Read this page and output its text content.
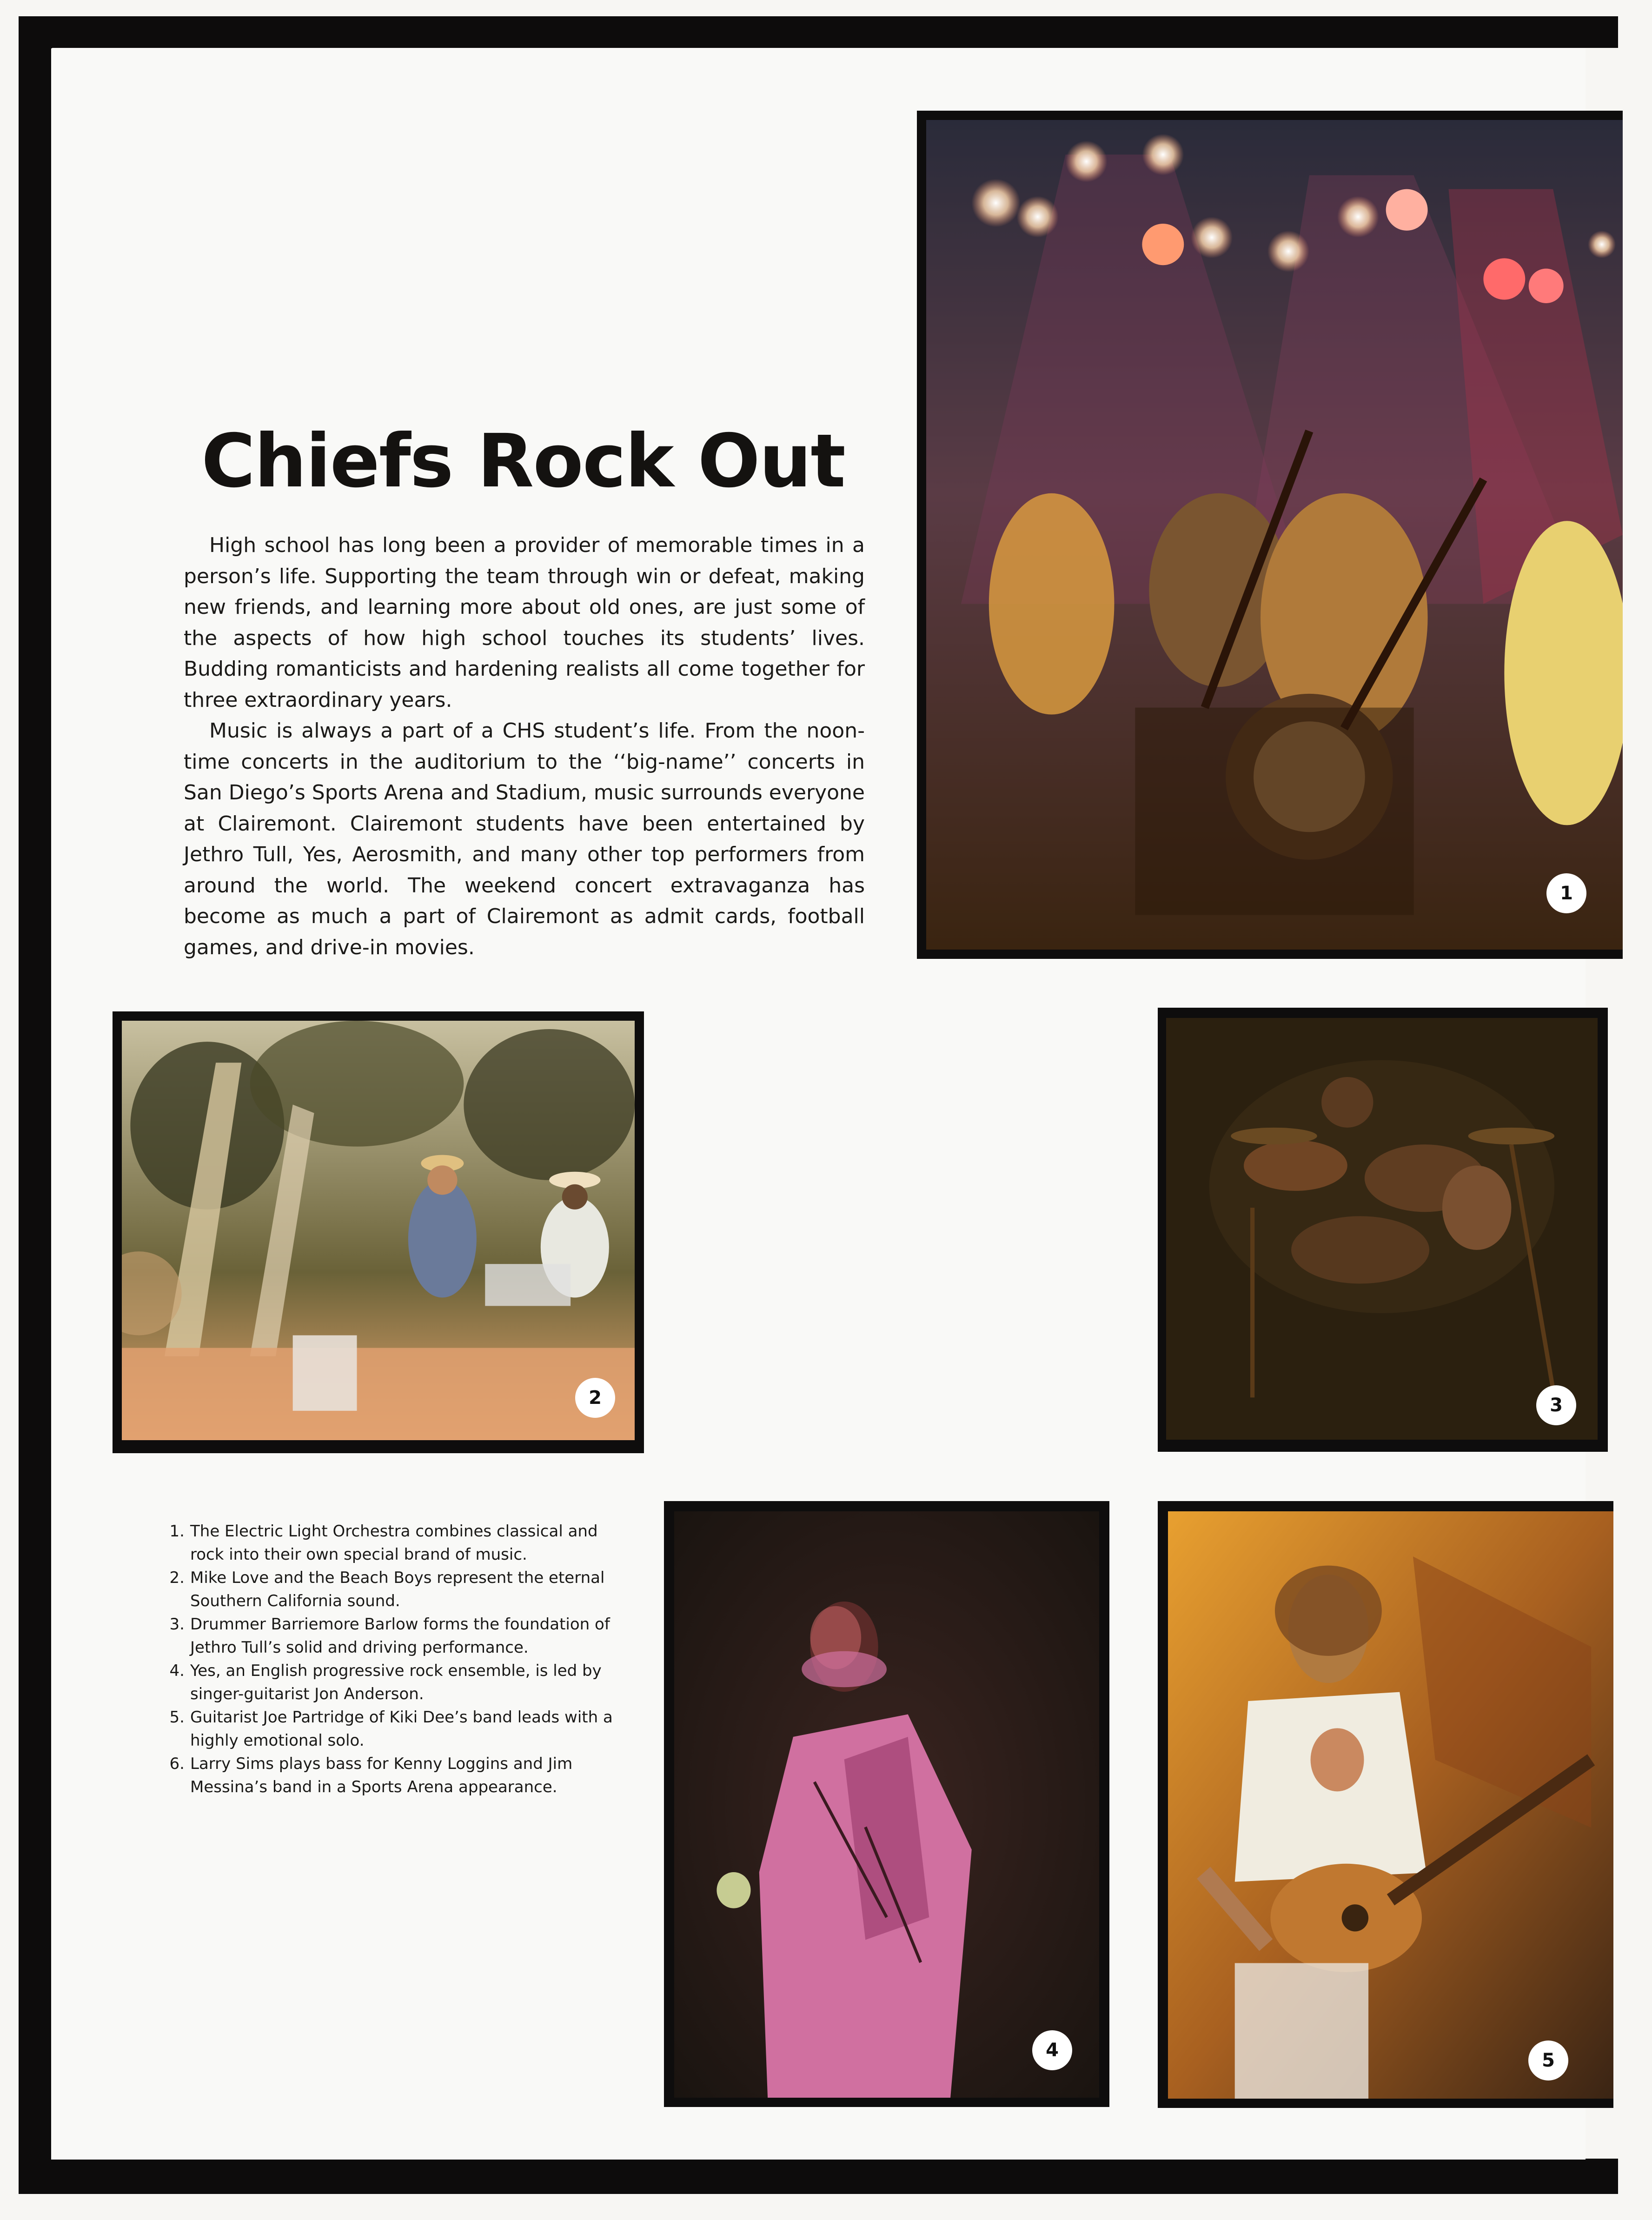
Chiefs Rock Out

High school has long been a provider of memorable times in a person’s life. Supporting the team through win or defeat, making new friends, and learning more about old ones, are just some of the aspects of how high school touches its students’ lives. Budding romanticists and hardening realists all come together for three extraordinary years.

Music is always a part of a CHS student’s life. From the noon-time concerts in the auditorium to the ‘‘big-name’’ concerts in San Diego’s Sports Arena and Stadium, music surrounds everyone at Clairemont. Clairemont students have been entertained by Jethro Tull, Yes, Aerosmith, and many other top performers from around the world. The weekend concert extravaganza has become as much a part of Clairemont as admit cards, football games, and drive-in movies.

1
2	3
4	5
1. The Electric Light Orchestra combines classical and rock into their own special brand of music.
2. Mike Love and the Beach Boys represent the eternal Southern California sound.
3. Drummer Barriemore Barlow forms the foundation of Jethro Tull’s solid and driving performance.
4. Yes, an English progressive rock ensemble, is led by singer-guitarist Jon Anderson.
5. Guitarist Joe Partridge of Kiki Dee’s band leads with a highly emotional solo.
6. Larry Sims plays bass for Kenny Loggins and Jim Messina’s band in a Sports Arena appearance.
